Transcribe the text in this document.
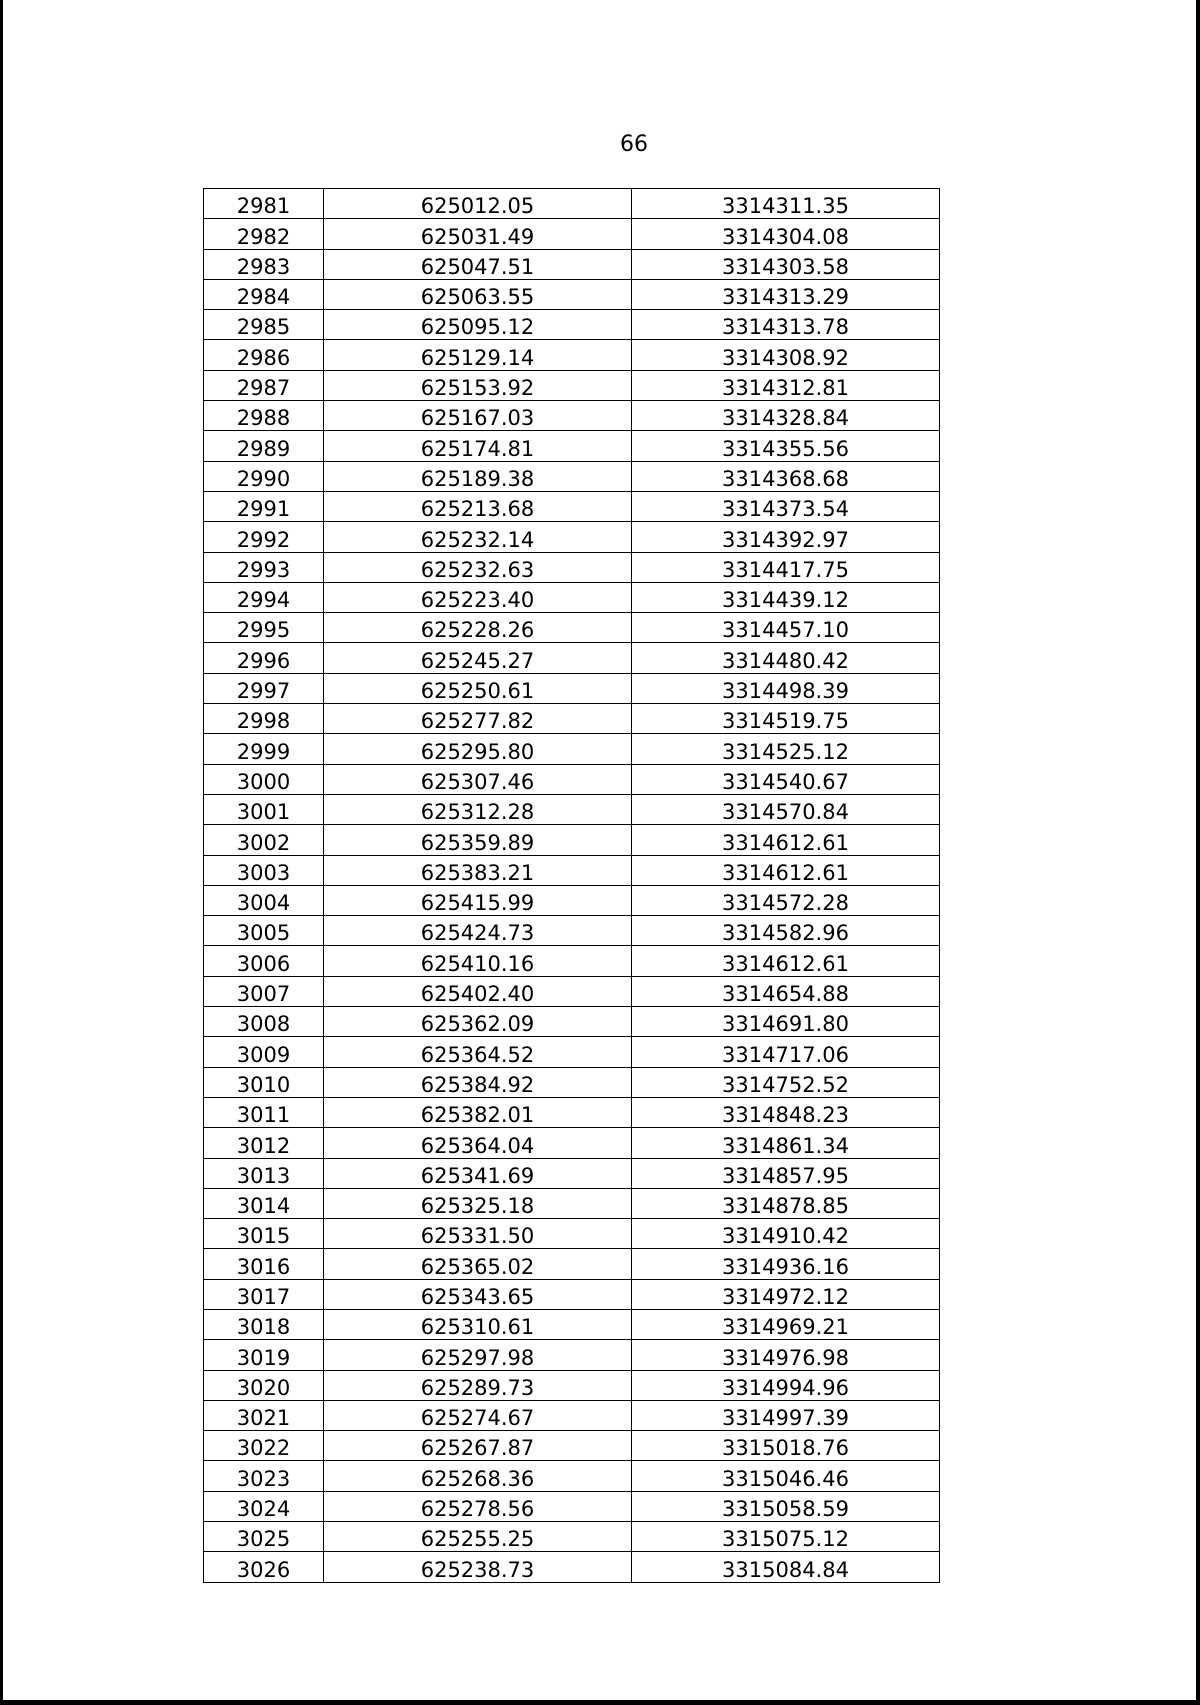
66
2981	625012.05	3314311.35
2982	625031.49	3314304.08
2983	625047.51	3314303.58
2984	625063.55	3314313.29
2985	625095.12	3314313.78
2986	625129.14	3314308.92
2987	625153.92	3314312.81
2988	625167.03	3314328.84
2989	625174.81	3314355.56
2990	625189.38	3314368.68
2991	625213.68	3314373.54
2992	625232.14	3314392.97
2993	625232.63	3314417.75
2994	625223.40	3314439.12
2995	625228.26	3314457.10
2996	625245.27	3314480.42
2997	625250.61	3314498.39
2998	625277.82	3314519.75
2999	625295.80	3314525.12
3000	625307.46	3314540.67
3001	625312.28	3314570.84
3002	625359.89	3314612.61
3003	625383.21	3314612.61
3004	625415.99	3314572.28
3005	625424.73	3314582.96
3006	625410.16	3314612.61
3007	625402.40	3314654.88
3008	625362.09	3314691.80
3009	625364.52	3314717.06
3010	625384.92	3314752.52
3011	625382.01	3314848.23
3012	625364.04	3314861.34
3013	625341.69	3314857.95
3014	625325.18	3314878.85
3015	625331.50	3314910.42
3016	625365.02	3314936.16
3017	625343.65	3314972.12
3018	625310.61	3314969.21
3019	625297.98	3314976.98
3020	625289.73	3314994.96
3021	625274.67	3314997.39
3022	625267.87	3315018.76
3023	625268.36	3315046.46
3024	625278.56	3315058.59
3025	625255.25	3315075.12
3026	625238.73	3315084.84
